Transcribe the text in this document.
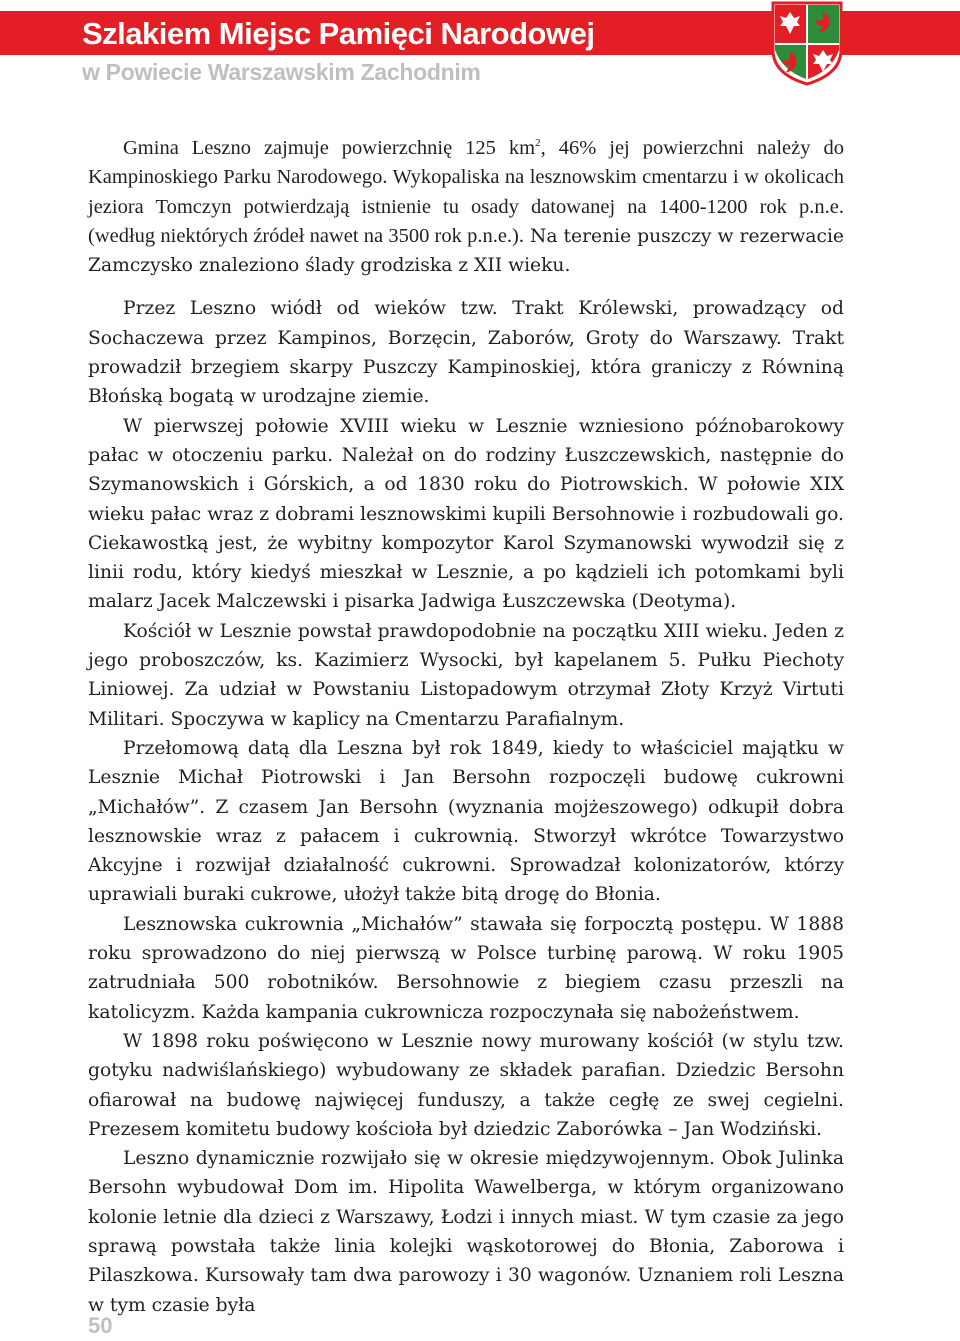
Szlakiem Miejsc Pamięci Narodowej
w Powiecie Warszawskim Zachodnim

Gmina Leszno zajmuje powierzchnię 125 $km^2$, 46% jej powierzchni należy do Kampinoskiego Parku Narodowego. Wykopaliska na lesznowskim cmentarzu i w okolicach jeziora Tomczyn potwierdzają istnienie tu osady datowanej na 1400-1200 rok p.n.e. (według niektórych źródeł nawet na 3500 rok p.n.e.). Na terenie puszczy w rezerwacie Zamczysko znaleziono ślady grodziska z XII wieku.

Przez Leszno wiódł od wieków tzw. Trakt Królewski, prowadzący od Sochaczewa przez Kampinos, Borzęcin, Zaborów, Groty do Warszawy. Trakt prowadził brzegiem skarpy Puszczy Kampinoskiej, która graniczy z Równiną Błońską bogatą w urodzajne ziemie.

W pierwszej połowie XVIII wieku w Lesznie wzniesiono późnobarokowy pałac w otoczeniu parku. Należał on do rodziny Łuszczewskich, następnie do Szymanowskich i Górskich, a od 1830 roku do Piotrowskich. W połowie XIX wieku pałac wraz z dobrami lesznowskimi kupili Bersohnowie i rozbudowali go. Ciekawostką jest, że wybitny kompozytor Karol Szymanowski wywodził się z linii rodu, który kiedyś mieszkał w Lesznie, a po kądzieli ich potomkami byli malarz Jacek Malczewski i pisarka Jadwiga Łuszczewska (Deotyma).

Kościół w Lesznie powstał prawdopodobnie na początku XIII wieku. Jeden z jego proboszczów, ks. Kazimierz Wysocki, był kapelanem 5. Pułku Piechoty Liniowej. Za udział w Powstaniu Listopadowym otrzymał Złoty Krzyż Virtuti Militari. Spoczywa w kaplicy na Cmentarzu Parafialnym.

Przełomową datą dla Leszna był rok 1849, kiedy to właściciel majątku w Lesznie Michał Piotrowski i Jan Bersohn rozpoczęli budowę cukrowni „Michałów”. Z czasem Jan Bersohn (wyznania mojżeszowego) odkupił dobra lesznowskie wraz z pałacem i cukrownią. Stworzył wkrótce Towarzystwo Akcyjne i rozwijał działalność cukrowni. Sprowadzał kolonizatorów, którzy uprawiali buraki cukrowe, ułożył także bitą drogę do Błonia.

Lesznowska cukrownia „Michałów” stawała się forpocztą postępu. W 1888 roku sprowadzono do niej pierwszą w Polsce turbinę parową. W roku 1905 zatrudniała 500 robotników. Bersohnowie z biegiem czasu przeszli na katolicyzm. Każda kampania cukrownicza rozpoczynała się nabożeństwem.

W 1898 roku poświęcono w Lesznie nowy murowany kościół (w stylu tzw. gotyku nadwiślańskiego) wybudowany ze składek parafian. Dziedzic Bersohn ofiarował na budowę najwięcej funduszy, a także cegłę ze swej cegielni. Prezesem komitetu budowy kościoła był dziedzic Zaborówka – Jan Wodziński.

Leszno dynamicznie rozwijało się w okresie międzywojennym. Obok Julinka Bersohn wybudował Dom im. Hipolita Wawelberga, w którym organizowano kolonie letnie dla dzieci z Warszawy, Łodzi i innych miast. W tym czasie za jego sprawą powstała także linia kolejki wąskotorowej do Błonia, Zaborowa i Pilaszkowa. Kursowały tam dwa parowozy i 30 wagonów. Uznaniem roli Leszna w tym czasie była

50
